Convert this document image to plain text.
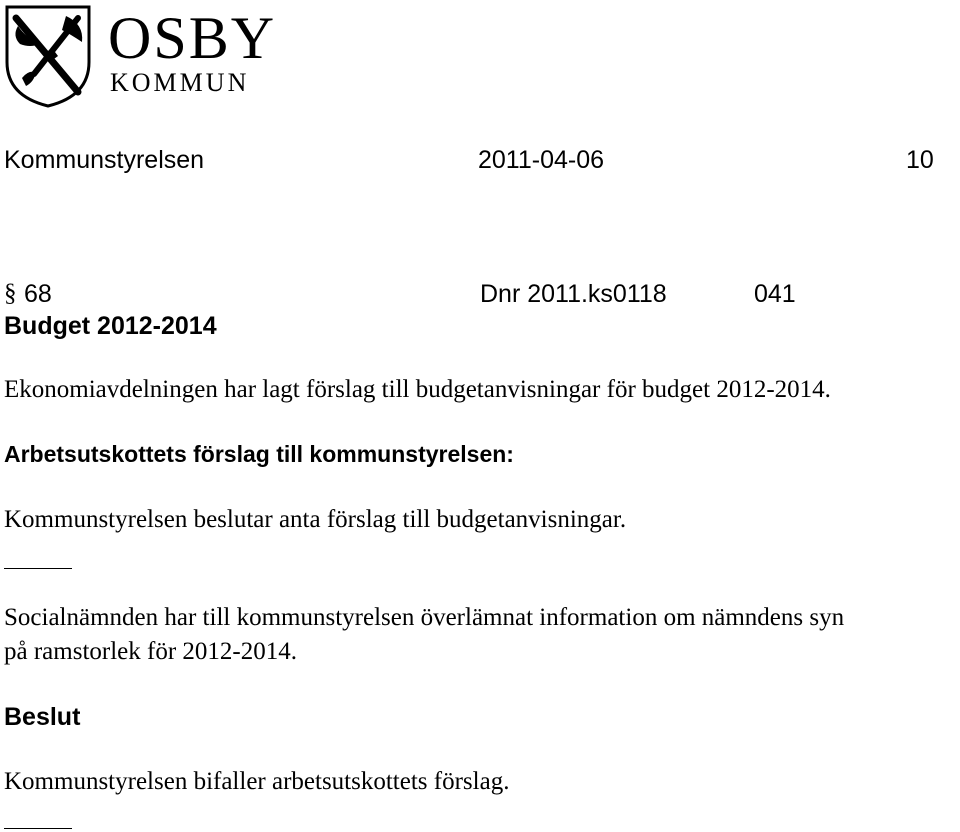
OSBY
KOMMUN
Kommunstyrelsen	2011-04-06	10
§ 68	Dnr 2011.ks0118	041
Budget 2012-2014
Ekonomiavdelningen har lagt förslag till budgetanvisningar för budget 2012-2014.
Arbetsutskottets förslag till kommunstyrelsen:
Kommunstyrelsen beslutar anta förslag till budgetanvisningar.
Socialnämnden har till kommunstyrelsen överlämnat information om nämndens syn
på ramstorlek för 2012-2014.
Beslut
Kommunstyrelsen bifaller arbetsutskottets förslag.
